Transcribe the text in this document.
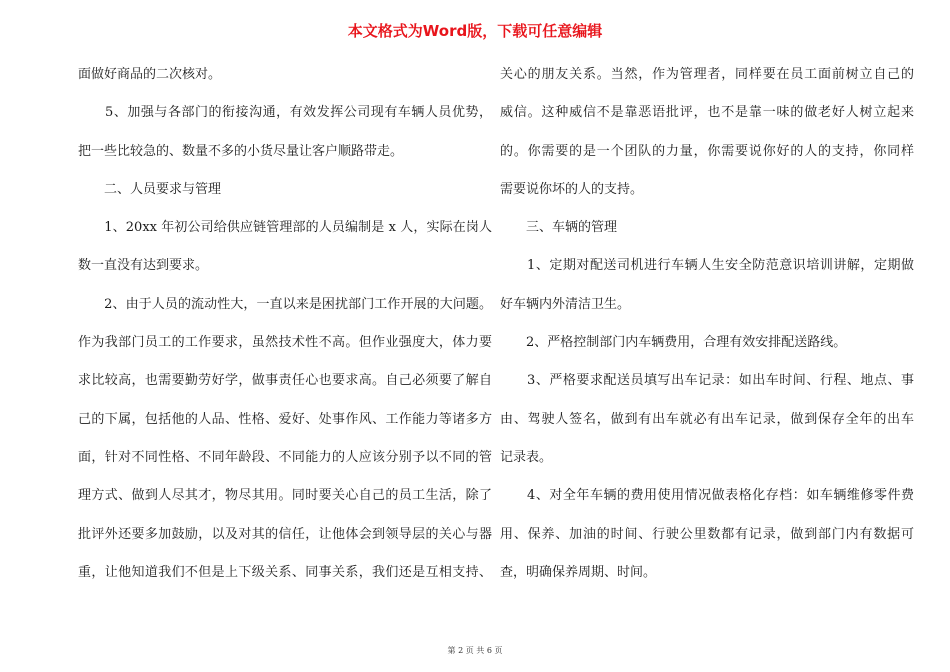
本文格式为Word版，下载可任意编辑
面做好商品的二次核对。
　　5、加强与各部门的衔接沟通，有效发挥公司现有车辆人员优势，
把一些比较急的、数量不多的小货尽量让客户顺路带走。
　　二、人员要求与管理
　　1、20xx 年初公司给供应链管理部的人员编制是 x 人，实际在岗人
数一直没有达到要求。
　　2、由于人员的流动性大，一直以来是困扰部门工作开展的大问题。
作为我部门员工的工作要求，虽然技术性不高。但作业强度大，体力要
求比较高，也需要勤劳好学，做事责任心也要求高。自己必须要了解自
己的下属，包括他的人品、性格、爱好、处事作风、工作能力等诸多方
面，针对不同性格、不同年龄段、不同能力的人应该分别予以不同的管
理方式、做到人尽其才，物尽其用。同时要关心自己的员工生活，除了
批评外还要多加鼓励，以及对其的信任，让他体会到领导层的关心与器
重，让他知道我们不但是上下级关系、同事关系，我们还是互相支持、
关心的朋友关系。当然，作为管理者，同样要在员工面前树立自己的
威信。这种威信不是靠恶语批评，也不是靠一味的做老好人树立起来
的。你需要的是一个团队的力量，你需要说你好的人的支持，你同样
需要说你坏的人的支持。
　　三、车辆的管理
　　1、定期对配送司机进行车辆人生安全防范意识培训讲解，定期做
好车辆内外清洁卫生。
　　2、严格控制部门内车辆费用，合理有效安排配送路线。
　　3、严格要求配送员填写出车记录：如出车时间、行程、地点、事
由、驾驶人签名，做到有出车就必有出车记录，做到保存全年的出车
记录表。
　　4、对全年车辆的费用使用情况做表格化存档：如车辆维修零件费
用、保养、加油的时间、行驶公里数都有记录，做到部门内有数据可
查，明确保养周期、时间。
第 2 页 共 6 页
